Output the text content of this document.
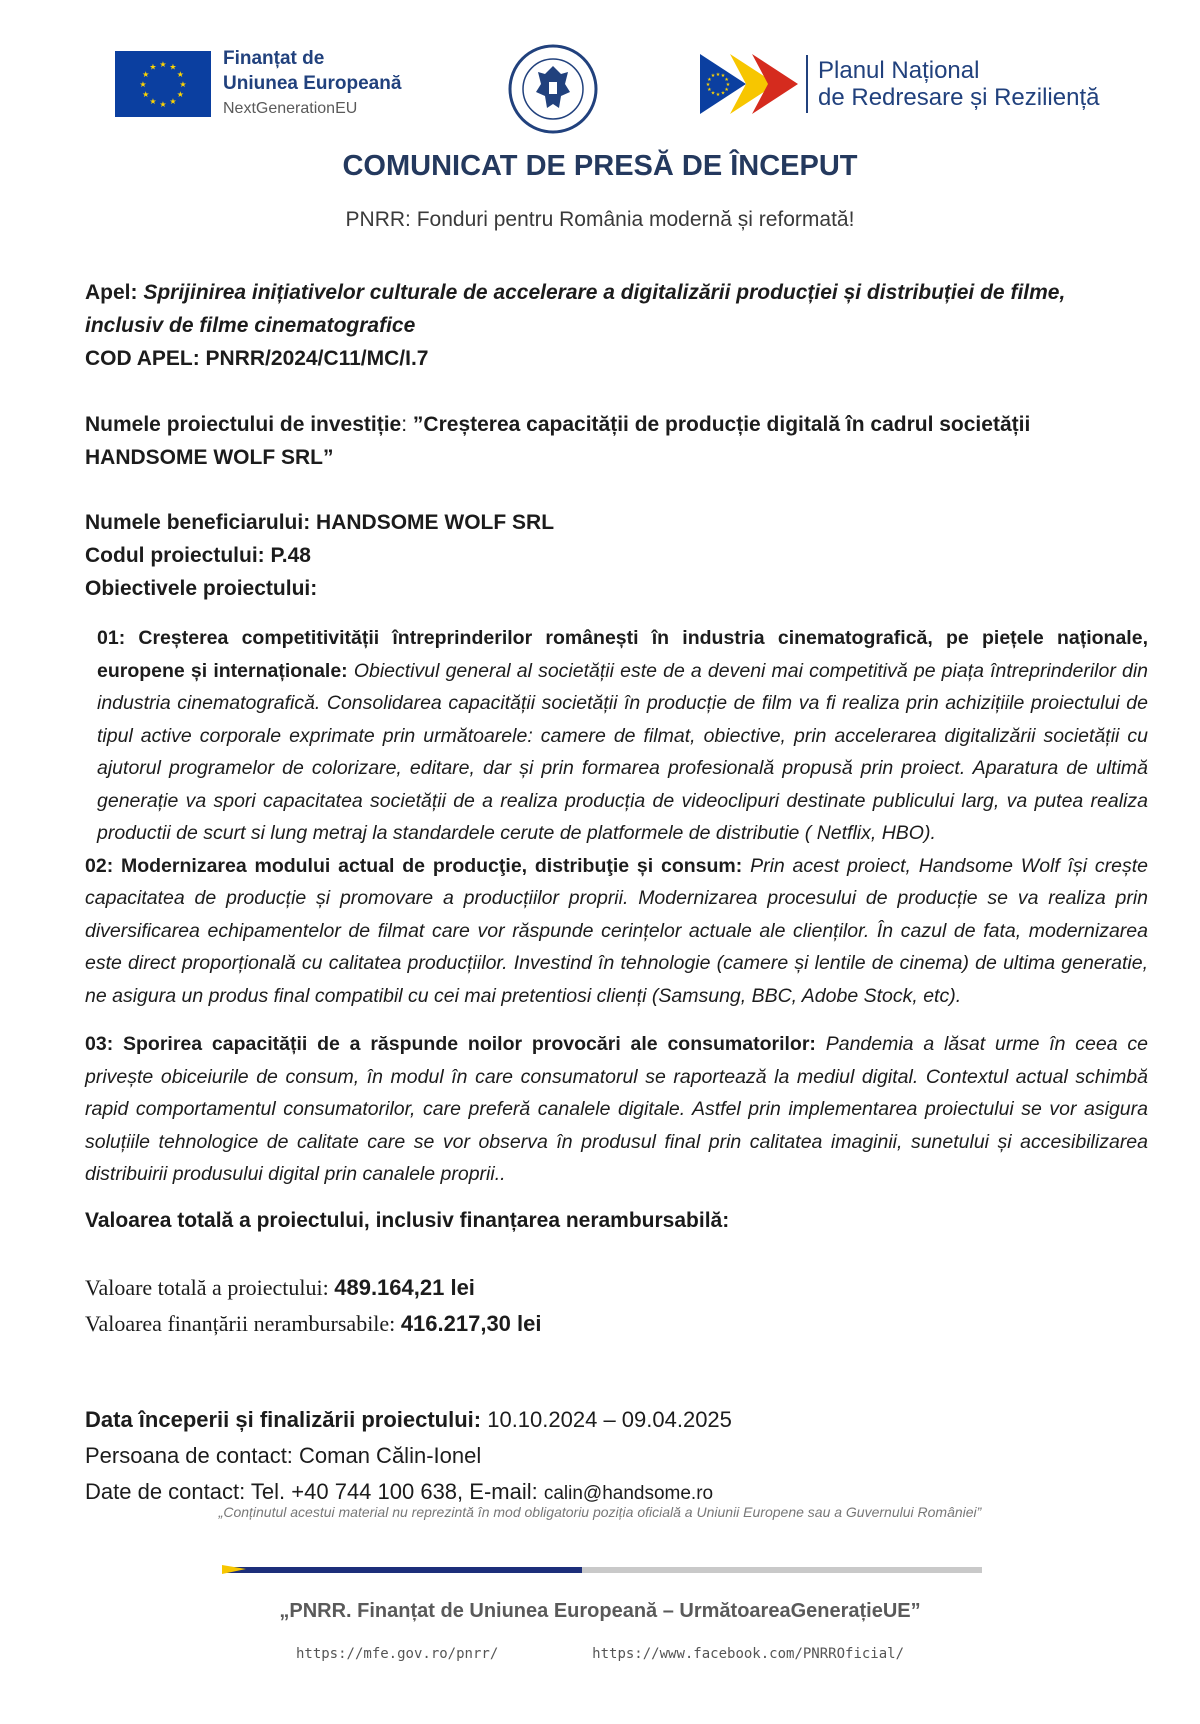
★
★
★
★
★
★
★
★
★ ★ ★
★
Finanțat de
Uniunea Europeană
NextGenerationEU
★
★
★
★
★
★
★
★
★ ★ ★
★	Planul Național
de Redresare și Reziliență
COMUNICAT DE PRESĂ DE ÎNCEPUT
PNRR: Fonduri pentru România modernă și reformată!
Apel: Sprijinirea inițiativelor culturale de accelerare a digitalizării producției și distribuției de filme, inclusiv de filme cinematografice
COD APEL: PNRR/2024/C11/MC/I.7
Numele proiectului de investiție: ”Creșterea capacității de producție digitală în cadrul societății HANDSOME WOLF SRL”
Numele beneficiarului: HANDSOME WOLF SRL
Codul proiectului: P.48
Obiectivele proiectului:
01: Creșterea competitivității întreprinderilor românești în industria cinematografică, pe piețele naționale, europene și internaționale: Obiectivul general al societății este de a deveni mai competitivă pe piața întreprinderilor din industria cinematografică. Consolidarea capacității societății în producție de film va fi realiza prin achizițiile proiectului de tipul active corporale exprimate prin următoarele: camere de filmat, obiective, prin accelerarea digitalizării societății cu ajutorul programelor de colorizare, editare, dar și prin formarea profesională propusă prin proiect. Aparatura de ultimă generație va spori capacitatea societății de a realiza producția de videoclipuri destinate publicului larg, va putea realiza productii de scurt si lung metraj la standardele cerute de platformele de distributie ( Netflix, HBO).
02: Modernizarea modului actual de producţie, distribuţie și consum: Prin acest proiect, Handsome Wolf își crește capacitatea de producție și promovare a producțiilor proprii. Modernizarea procesului de producție se va realiza prin diversificarea echipamentelor de filmat care vor răspunde cerințelor actuale ale clienților. În cazul de fata, modernizarea este direct proporțională cu calitatea producțiilor. Investind în tehnologie (camere și lentile de cinema) de ultima generatie, ne asigura un produs final compatibil cu cei mai pretentiosi clienți (Samsung, BBC, Adobe Stock, etc).
03: Sporirea capacității de a răspunde noilor provocări ale consumatorilor: Pandemia a lăsat urme în ceea ce privește obiceiurile de consum, în modul în care consumatorul se raportează la mediul digital. Contextul actual schimbă rapid comportamentul consumatorilor, care preferă canalele digitale. Astfel prin implementarea proiectului se vor asigura soluțiile tehnologice de calitate care se vor observa în produsul final prin calitatea imaginii, sunetului și accesibilizarea distribuirii produsului digital prin canalele proprii..
Valoarea totală a proiectului, inclusiv finanțarea nerambursabilă:
Valoare totală a proiectului: 489.164,21 lei
Valoarea finanțării nerambursabile: 416.217,30 lei
Data începerii și finalizării proiectului: 10.10.2024 – 09.04.2025
Persoana de contact: Coman Călin-Ionel
Date de contact: Tel. +40 744 100 638, E-mail: calin@handsome.ro
„Conținutul acestui material nu reprezintă în mod obligatoriu poziția oficială a Uniunii Europene sau a Guvernului României”
„PNRR. Finanțat de Uniunea Europeană – UrmătoareaGenerațieUE”
https://mfe.gov.ro/pnrr/	https://www.facebook.com/PNRROficial/
